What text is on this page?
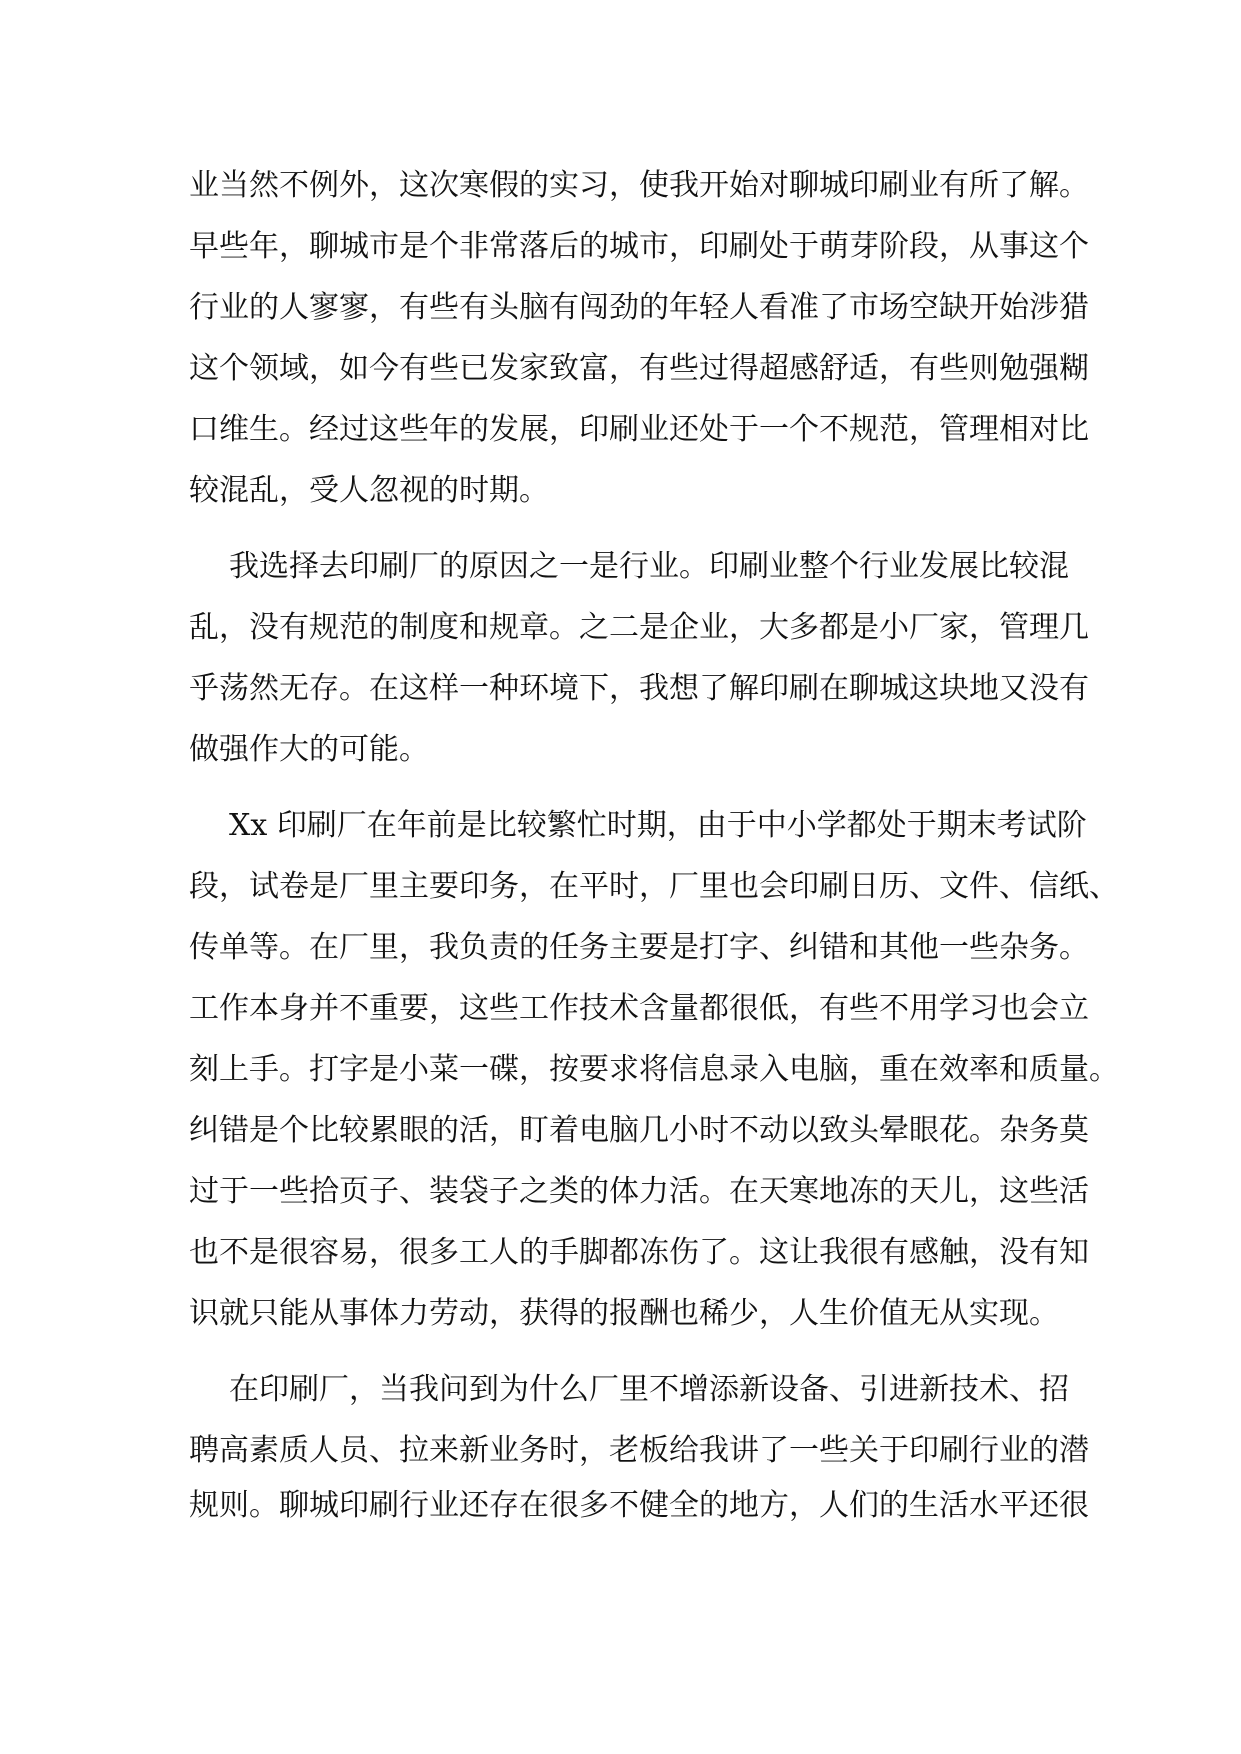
业当然不例外，这次寒假的实习，使我开始对聊城印刷业有所了解。
早些年，聊城市是个非常落后的城市，印刷处于萌芽阶段，从事这个
行业的人寥寥，有些有头脑有闯劲的年轻人看准了市场空缺开始涉猎
这个领域，如今有些已发家致富，有些过得超感舒适，有些则勉强糊
口维生。经过这些年的发展，印刷业还处于一个不规范，管理相对比
较混乱，受人忽视的时期。
我选择去印刷厂的原因之一是行业。印刷业整个行业发展比较混
乱，没有规范的制度和规章。之二是企业，大多都是小厂家，管理几
乎荡然无存。在这样一种环境下，我想了解印刷在聊城这块地又没有
做强作大的可能。
Xx 印刷厂在年前是比较繁忙时期，由于中小学都处于期末考试阶
段，试卷是厂里主要印务，在平时，厂里也会印刷日历、文件、信纸、
传单等。在厂里，我负责的任务主要是打字、纠错和其他一些杂务。
工作本身并不重要，这些工作技术含量都很低，有些不用学习也会立
刻上手。打字是小菜一碟，按要求将信息录入电脑，重在效率和质量。
纠错是个比较累眼的活，盯着电脑几小时不动以致头晕眼花。杂务莫
过于一些拾页子、装袋子之类的体力活。在天寒地冻的天儿，这些活
也不是很容易，很多工人的手脚都冻伤了。这让我很有感触，没有知
识就只能从事体力劳动，获得的报酬也稀少，人生价值无从实现。
在印刷厂，当我问到为什么厂里不增添新设备、引进新技术、招
聘高素质人员、拉来新业务时，老板给我讲了一些关于印刷行业的潜
规则。聊城印刷行业还存在很多不健全的地方，人们的生活水平还很
